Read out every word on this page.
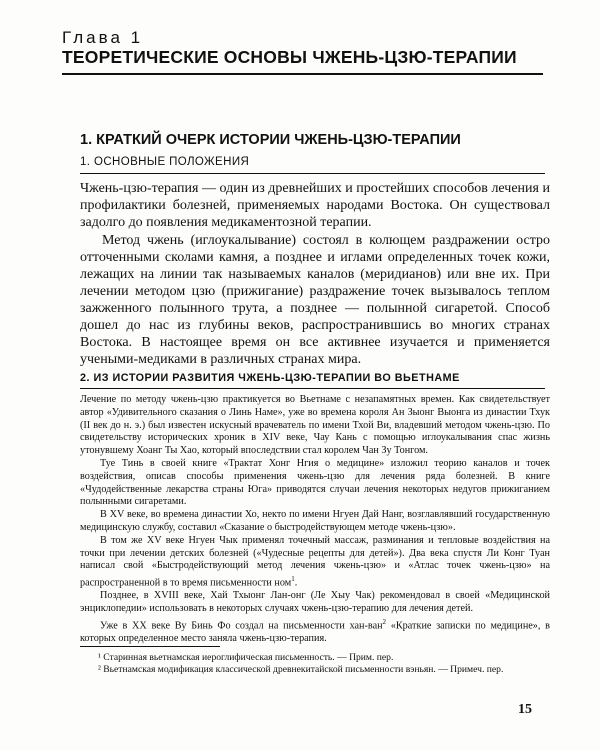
Глава 1
ТЕОРЕТИЧЕСКИЕ ОСНОВЫ ЧЖЕНЬ-ЦЗЮ-ТЕРАПИИ
1. КРАТКИЙ ОЧЕРК ИСТОРИИ ЧЖЕНЬ-ЦЗЮ-ТЕРАПИИ
1. ОСНОВНЫЕ ПОЛОЖЕНИЯ

Чжень-цзю-терапия — один из древнейших и простейших способов лечения и профилактики болезней, применяемых народами Востока. Он существовал задолго до появления медикаментозной терапии.

Метод чжень (иглоукалывание) состоял в колющем раздражении остро отточенными сколами камня, а позднее и иглами определенных точек кожи, лежащих на линии так называемых каналов (меридианов) или вне их. При лечении методом цзю (прижигание) раздражение точек вызывалось теплом зажженного полынного трута, а позднее — полынной сигаретой. Способ дошел до нас из глубины веков, распространившись во многих странах Востока. В настоящее время он все активнее изучается и применяется учеными-медиками в различных странах мира.

2. ИЗ ИСТОРИИ РАЗВИТИЯ ЧЖЕНЬ-ЦЗЮ-ТЕРАПИИ ВО ВЬЕТНАМЕ

Лечение по методу чжень-цзю практикуется во Вьетнаме с незапамятных времен. Как свидетельствует автор «Удивительного сказания о Линь Наме», уже во времена короля Ан Зыонг Выонга из династии Тхук (II век до н. э.) был известен искусный врачеватель по имени Тхой Ви, владевший методом чжень-цзю. По свидетельству исторических хроник в XIV веке, Чау Кань с помощью иглоукалывания спас жизнь утонувшему Хоанг Ты Хао, который впоследствии стал королем Чан Зу Тонгом.

Туе Тинь в своей книге «Трактат Хонг Нгия о медицине» изложил теорию каналов и точек воздействия, описав способы применения чжень-цзю для лечения ряда болезней. В книге «Чудодейственные лекарства страны Юга» приводятся случаи лечения некоторых недугов прижиганием полынными сигаретами.

В XV веке, во времена династии Хо, некто по имени Нгуен Дай Нанг, возглавлявший государственную медицинскую службу, составил «Сказание о быстродействующем методе чжень-цзю».

В том же XV веке Нгуен Чык применял точечный массаж, разминания и тепловые воздействия на точки при лечении детских болезней («Чудесные рецепты для детей»). Два века спустя Ли Конг Туан написал свой «Быстродействующий метод лечения чжень-цзю» и «Атлас точек чжень-цзю» на распространенной в то время письменности ном$^1$.

Позднее, в XVIII веке, Хай Тхыонг Лан-онг (Ле Хыу Чак) рекомендовал в своей «Медицинской энциклопедии» использовать в некоторых случаях чжень-цзю-терапию для лечения детей.

Уже в XX веке Ву Бинь Фо создал на письменности хан-ван$^2$ «Краткие записки по медицине», в которых определенное место заняла чжень-цзю-терапия.

¹ Старинная вьетнамская иероглифическая письменность. — Прим. пер.

² Вьетнамская модификация классической древнекитайской письменности вэньян. — Примеч. пер.

15
